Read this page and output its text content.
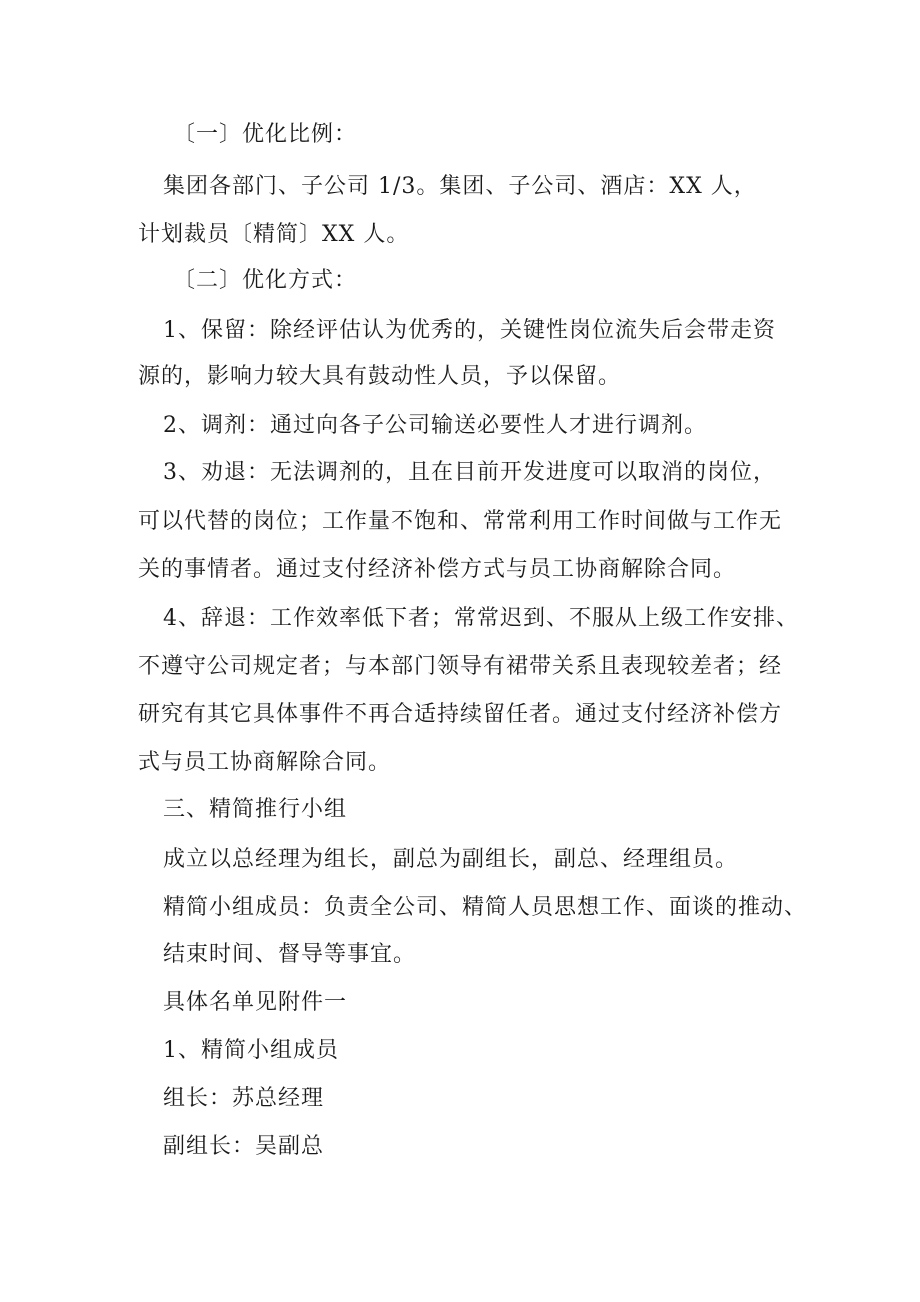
〔一〕优化比例：
集团各部门、子公司 1/3。集团、子公司、酒店：XX 人，
计划裁员〔精简〕XX 人。
〔二〕优化方式：
1、保留：除经评估认为优秀的，关键性岗位流失后会带走资
源的，影响力较大具有鼓动性人员，予以保留。
2、调剂：通过向各子公司输送必要性人才进行调剂。
3、劝退：无法调剂的，且在目前开发进度可以取消的岗位，
可以代替的岗位；工作量不饱和、常常利用工作时间做与工作无
关的事情者。通过支付经济补偿方式与员工协商解除合同。
4、辞退：工作效率低下者；常常迟到、不服从上级工作安排、
不遵守公司规定者；与本部门领导有裙带关系且表现较差者；经
研究有其它具体事件不再合适持续留任者。通过支付经济补偿方
式与员工协商解除合同。
三、精简推行小组
成立以总经理为组长，副总为副组长，副总、经理组员。
精简小组成员：负责全公司、精简人员思想工作、面谈的推动、
结束时间、督导等事宜。
具体名单见附件一
1、精简小组成员
组长：苏总经理
副组长：吴副总
